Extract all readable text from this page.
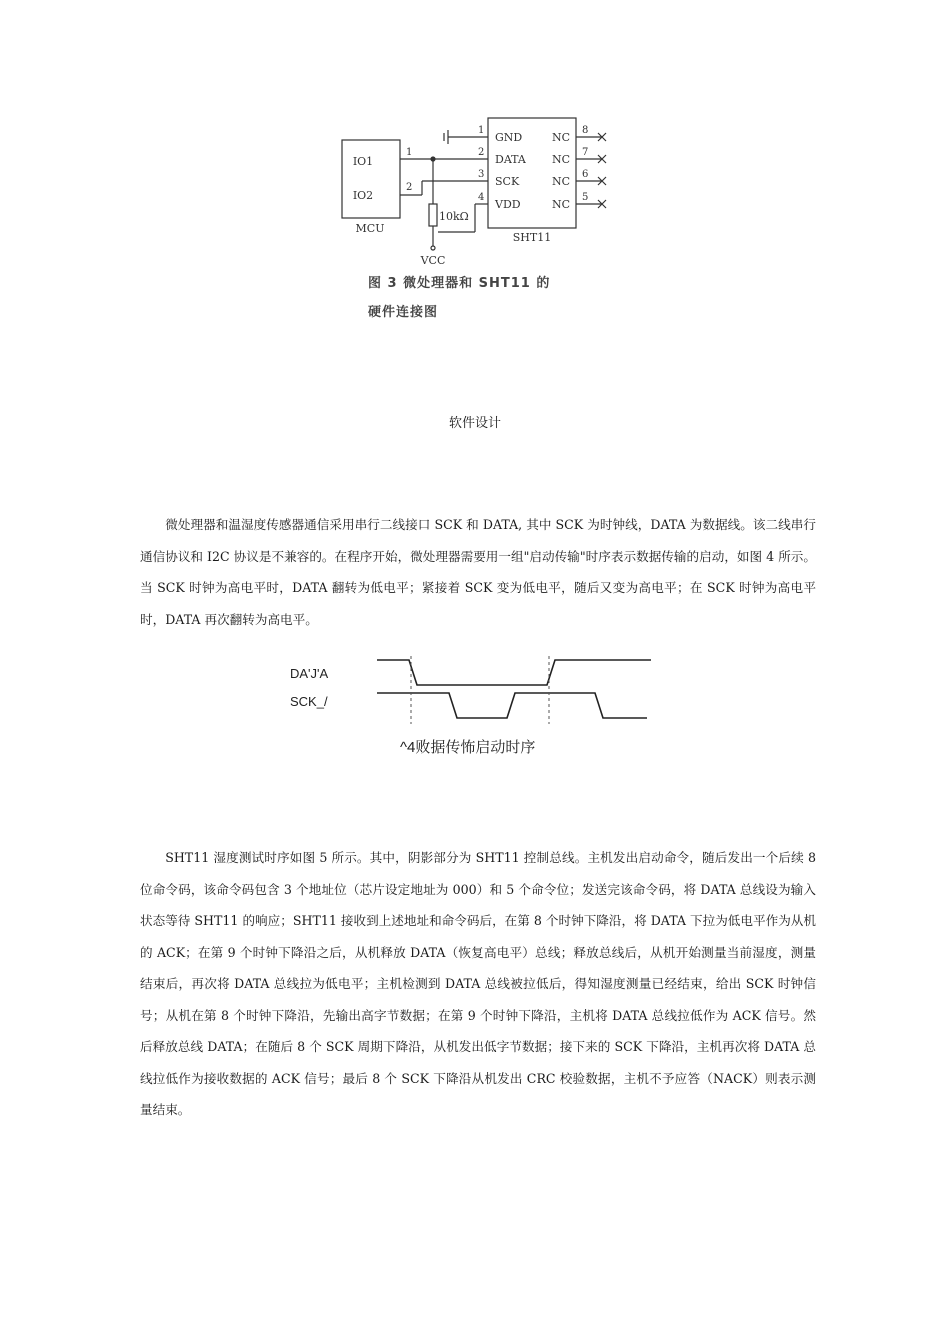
MCU
IO1
IO2
1
2
10kΩ
VCC
SHT11
1
2
3
4
GND
DATA
SCK
VDD
NC
NC
NC
NC
8
7
6
5
图 3 微处理器和 SHT11 的
硬件连接图
软件设计

微处理器和温湿度传感器通信采用串行二线接口 SCK 和 DATA, 其中 SCK 为时钟线，DATA 为数据线。该二线串行通信协议和 I2C 协议是不兼容的。在程序开始，微处理器需要用一组"启动传输"时序表示数据传输的启动，如图 4 所示。当 SCK 时钟为高电平时，DATA 翻转为低电平；紧接着 SCK 变为低电平，随后又变为高电平；在 SCK 时钟为高电平时，DATA 再次翻转为高电平。

DA'J'A
SCK_/
^4败据传怖启动时序

SHT11 湿度测试时序如图 5 所示。其中，阴影部分为 SHT11 控制总线。主机发出启动命令，随后发出一个后续 8 位命令码，该命令码包含 3 个地址位（芯片设定地址为 000）和 5 个命令位；发送完该命令码，将 DATA 总线设为输入状态等待 SHT11 的响应；SHT11 接收到上述地址和命令码后，在第 8 个时钟下降沿，将 DATA 下拉为低电平作为从机的 ACK；在第 9 个时钟下降沿之后，从机释放 DATA（恢复高电平）总线；释放总线后，从机开始测量当前湿度，测量结束后，再次将 DATA 总线拉为低电平；主机检测到 DATA 总线被拉低后，得知湿度测量已经结束，给出 SCK 时钟信号；从机在第 8 个时钟下降沿，先输出高字节数据；在第 9 个时钟下降沿，主机将 DATA 总线拉低作为 ACK 信号。然后释放总线 DATA；在随后 8 个 SCK 周期下降沿，从机发出低字节数据；接下来的 SCK 下降沿，主机再次将 DATA 总线拉低作为接收数据的 ACK 信号；最后 8 个 SCK 下降沿从机发出 CRC 校验数据，主机不予应答（NACK）则表示测量结束。
